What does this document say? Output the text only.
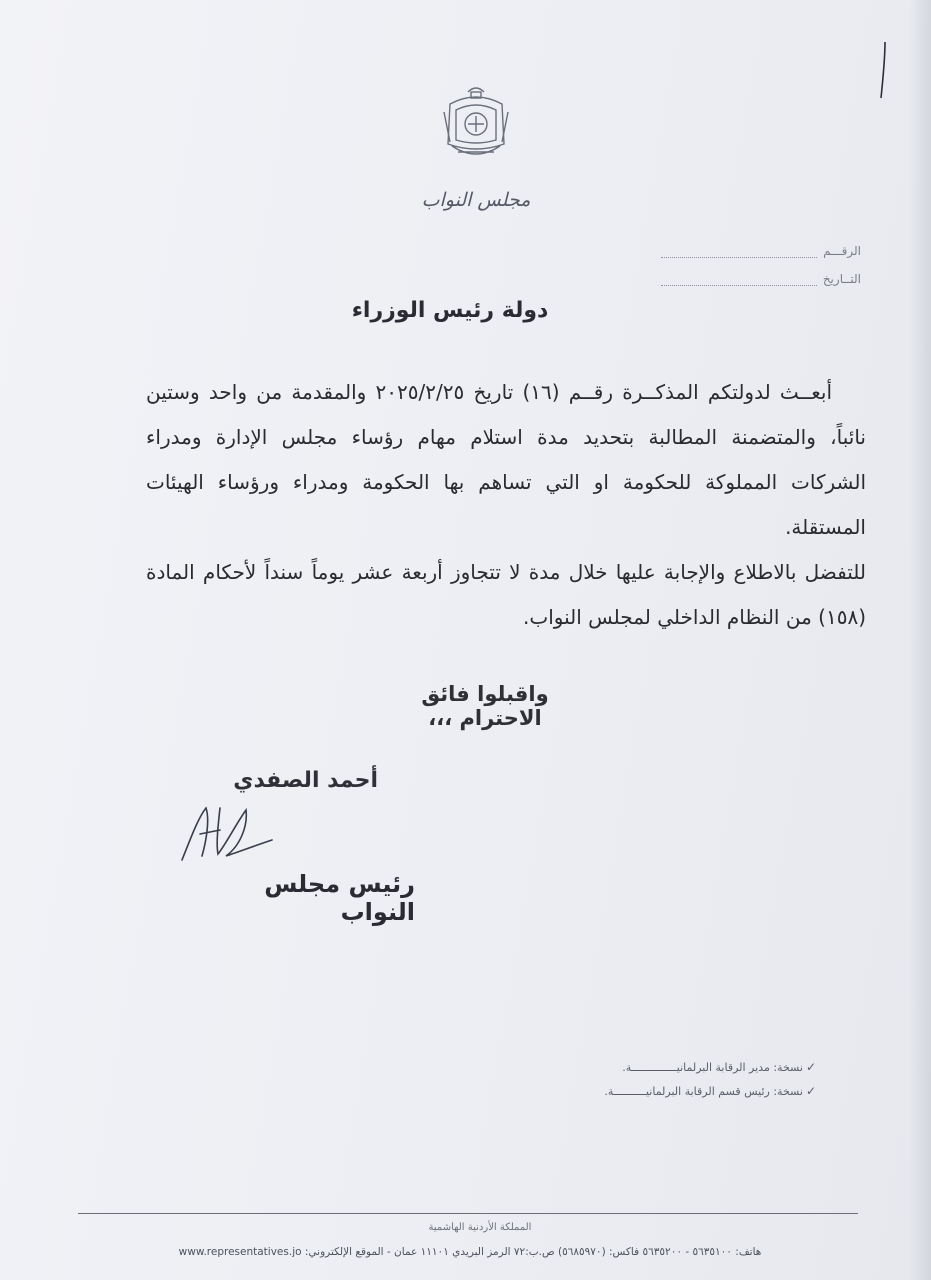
مجلس النواب
الرقـــم
التــاريخ
دولة رئيس الوزراء

أبعــث لدولتكم المذكــرة رقــم (١٦) تاريخ ٢٠٢٥/٢/٢٥ والمقدمة من واحد وستين نائباً، والمتضمنة المطالبة بتحديد مدة استلام مهام رؤساء مجلس الإدارة ومدراء الشركات المملوكة للحكومة او التي تساهم بها الحكومة ومدراء ورؤساء الهيئات المستقلة.

للتفضل بالاطلاع والإجابة عليها خلال مدة لا تتجاوز أربعة عشر يوماً سنداً لأحكام المادة (١٥٨) من النظام الداخلي لمجلس النواب.

واقبلوا فائق الاحترام ،،،
أحمد الصفدي
رئيس مجلس النواب
✓نسخة: مدير الرقابة البرلمانيــــــــــــــة.
✓نسخة: رئيس قسم الرقابة البرلمانيــــــــــة.
المملكة الأردنية الهاشمية
هاتف: ٥٦٣٥١٠٠ - ٥٦٣٥٢٠٠ فاكس: (٥٦٨٥٩٧٠) ص.ب:٧٢ الرمز البريدي ١١١٠١ عمان - الموقع الإلكتروني: www.representatives.jo
